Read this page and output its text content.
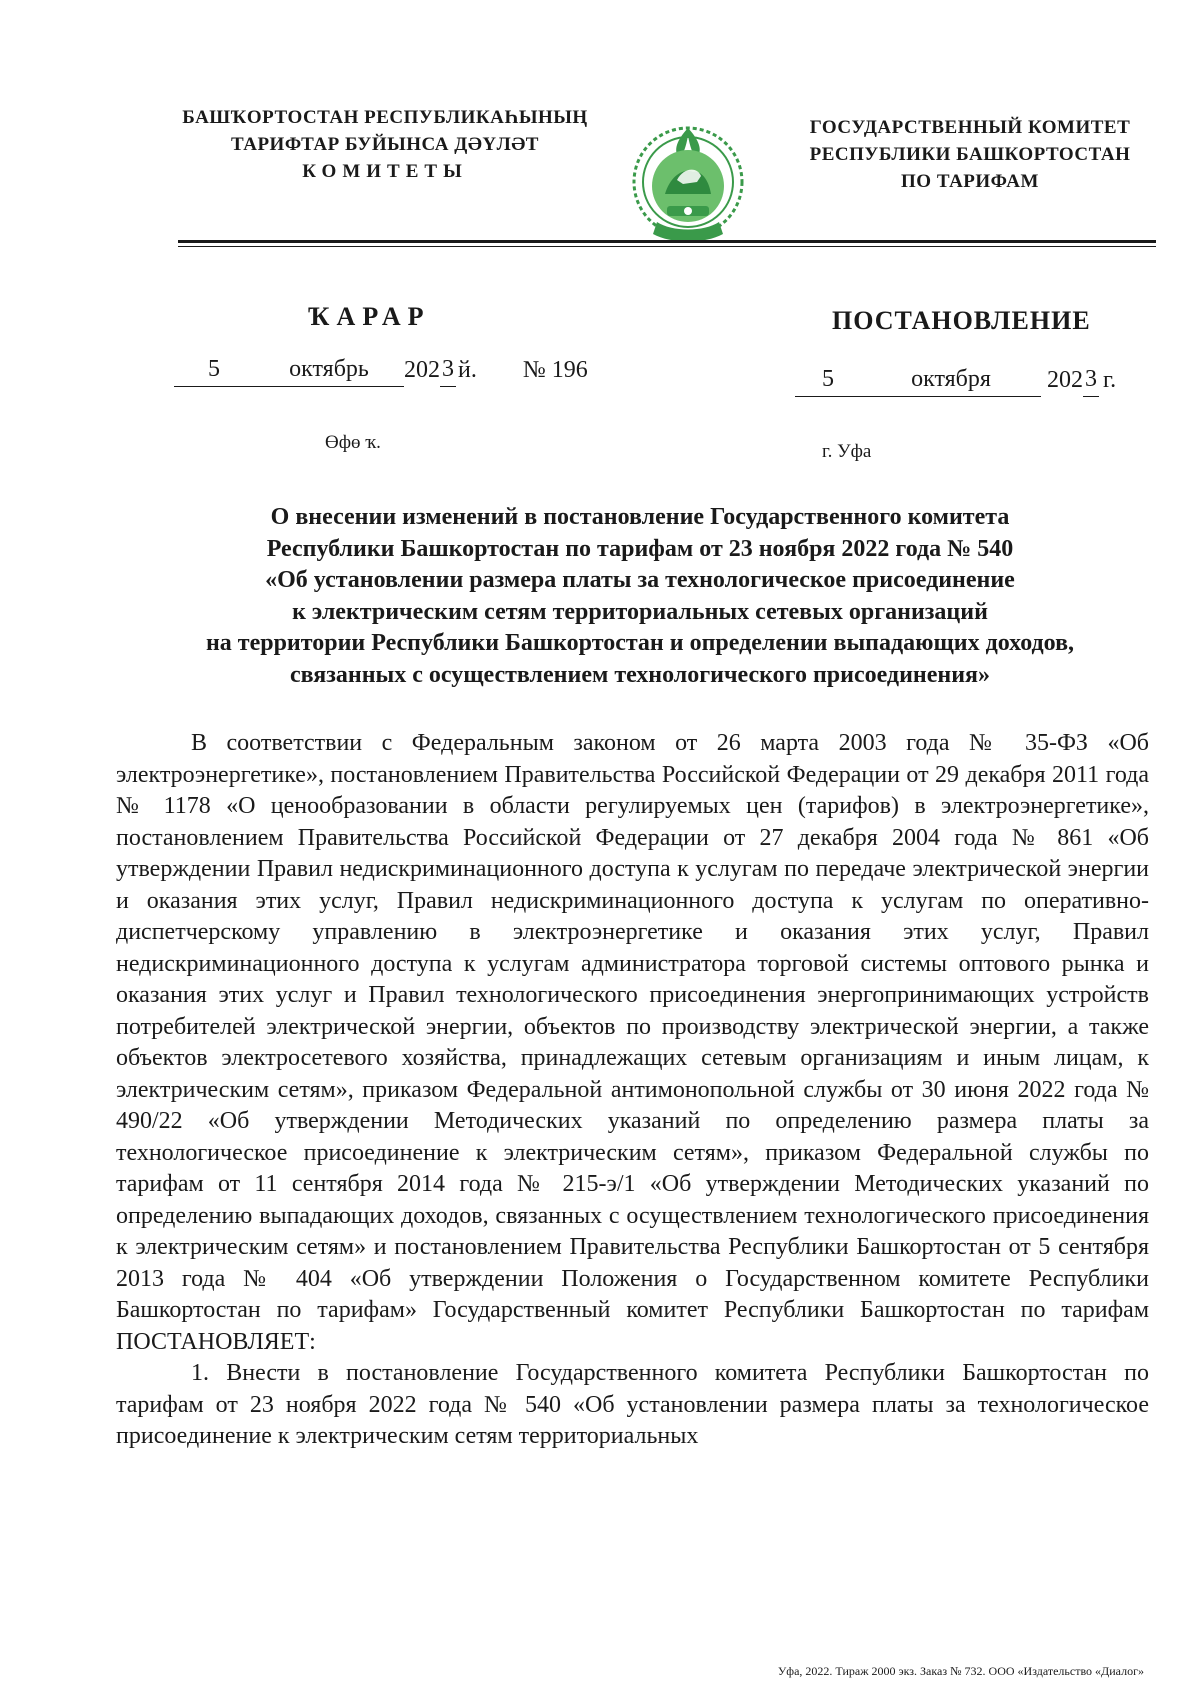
БАШҠОРТОСТАН РЕСПУБЛИКАҺЫНЫҢ
ТАРИФТАР БУЙЫНСА ДӘҮЛӘТ
КОМИТЕТЫ
ГОСУДАРСТВЕННЫЙ КОМИТЕТ
РЕСПУБЛИКИ БАШКОРТОСТАН
ПО ТАРИФАМ
ҠАРАР	ПОСТАНОВЛЕНИЕ
5	октябрь 2023 й. № 196	5	октября 2023 г.
Өфө ҡ.	г. Уфа
О внесении изменений в постановление Государственного комитета
Республики Башкортостан по тарифам от 23 ноября 2022 года № 540
«Об установлении размера платы за технологическое присоединение
к электрическим сетям территориальных сетевых организаций
на территории Республики Башкортостан и определении выпадающих доходов,
связанных с осуществлением технологического присоединения»

В соответствии с Федеральным законом от 26 марта 2003 года № 35-ФЗ «Об электроэнергетике», постановлением Правительства Российской Федерации от 29 декабря 2011 года № 1178 «О ценообразовании в области регулируемых цен (тарифов) в электроэнергетике», постановлением Правительства Российской Федерации от 27 декабря 2004 года № 861 «Об утверждении Правил недискриминационного доступа к услугам по передаче электрической энергии и оказания этих услуг, Правил недискриминационного доступа к услугам по оперативно-диспетчерскому управлению в электроэнергетике и оказания этих услуг, Правил недискриминационного доступа к услугам администратора торговой системы оптового рынка и оказания этих услуг и Правил технологического присоединения энергопринимающих устройств потребителей электрической энергии, объектов по производству электрической энергии, а также объектов электросетевого хозяйства, принадлежащих сетевым организациям и иным лицам, к электрическим сетям», приказом Федеральной антимонопольной службы от 30 июня 2022 года № 490/22 «Об утверждении Методических указаний по определению размера платы за технологическое присоединение к электрическим сетям», приказом Федеральной службы по тарифам от 11 сентября 2014 года № 215-э/1 «Об утверждении Методических указаний по определению выпадающих доходов, связанных с осуществлением технологического присоединения к электрическим сетям» и постановлением Правительства Республики Башкортостан от 5 сентября 2013 года № 404 «Об утверждении Положения о Государственном комитете Республики Башкортостан по тарифам» Государственный комитет Республики Башкортостан по тарифам ПОСТАНОВЛЯЕТ:

1. Внести в постановление Государственного комитета Республики Башкортостан по тарифам от 23 ноября 2022 года № 540 «Об установлении размера платы за технологическое присоединение к электрическим сетям территориальных

Уфа, 2022. Тираж 2000 экз. Заказ № 732. ООО «Издательство «Диалог»
